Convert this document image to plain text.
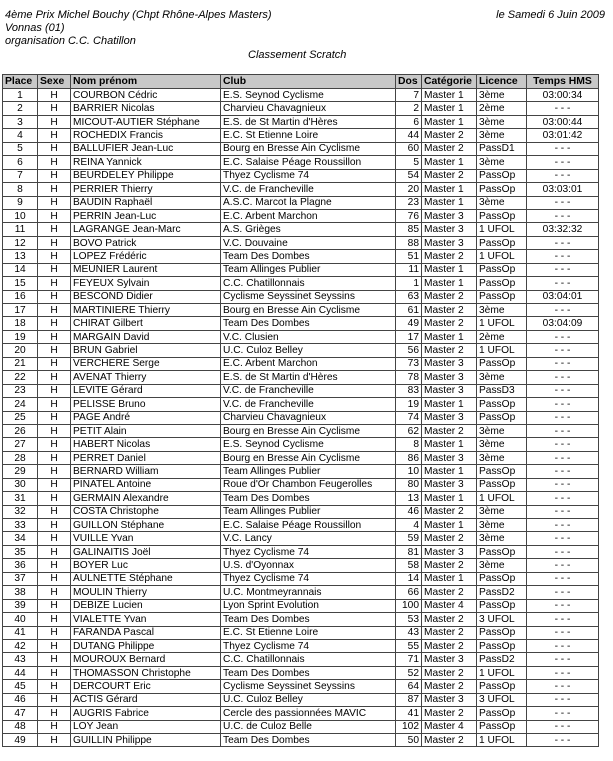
4ème Prix Michel Bouchy (Chpt Rhône-Alpes Masters)	le Samedi 6 Juin 2009
Vonnas (01)
organisation C.C. Chatillon
Classement Scratch
Place	Sexe	Nom prénom	Club	Dos	Catégorie	Licence	Temps HMS
1	H	COURBON Cédric	E.S. Seynod Cyclisme	7	Master 1	3ème	03:00:34
2	H	BARRIER Nicolas	Charvieu Chavagnieux	2	Master 1	2ème	- - -
3	H	MICOUT-AUTIER Stéphane	E.S. de St Martin d'Hères	6	Master 1	3ème	03:00:44
4	H	ROCHEDIX Francis	E.C. St Etienne Loire	44	Master 2	3ème	03:01:42
5	H	BALLUFIER Jean-Luc	Bourg en Bresse Ain Cyclisme	60	Master 2	PassD1	- - -
6	H	REINA Yannick	E.C. Salaise Péage Roussillon	5	Master 1	3ème	- - -
7	H	BEURDELEY Philippe	Thyez Cyclisme 74	54	Master 2	PassOp	- - -
8	H	PERRIER Thierry	V.C. de Francheville	20	Master 1	PassOp	03:03:01
9	H	BAUDIN Raphaël	A.S.C. Marcot la Plagne	23	Master 1	3ème	- - -
10	H	PERRIN Jean-Luc	E.C. Arbent Marchon	76	Master 3	PassOp	- - -
11	H	LAGRANGE Jean-Marc	A.S. Grièges	85	Master 3	1 UFOL	03:32:32
12	H	BOVO Patrick	V.C. Douvaine	88	Master 3	PassOp	- - -
13	H	LOPEZ Frédéric	Team Des Dombes	51	Master 2	1 UFOL	- - -
14	H	MEUNIER Laurent	Team Allinges Publier	11	Master 1	PassOp	- - -
15	H	FEYEUX Sylvain	C.C. Chatillonnais	1	Master 1	PassOp	- - -
16	H	BESCOND Didier	Cyclisme Seyssinet Seyssins	63	Master 2	PassOp	03:04:01
17	H	MARTINIERE Thierry	Bourg en Bresse Ain Cyclisme	61	Master 2	3ème	- - -
18	H	CHIRAT Gilbert	Team Des Dombes	49	Master 2	1 UFOL	03:04:09
19	H	MARGAIN David	V.C. Clusien	17	Master 1	2ème	- - -
20	H	BRUN Gabriel	U.C. Culoz Belley	56	Master 2	1 UFOL	- - -
21	H	VERCHERE Serge	E.C. Arbent Marchon	73	Master 3	PassOp	- - -
22	H	AVENAT Thierry	E.S. de St Martin d'Hères	78	Master 3	3ème	- - -
23	H	LEVITE Gérard	V.C. de Francheville	83	Master 3	PassD3	- - -
24	H	PELISSE Bruno	V.C. de Francheville	19	Master 1	PassOp	- - -
25	H	PAGE André	Charvieu Chavagnieux	74	Master 3	PassOp	- - -
26	H	PETIT Alain	Bourg en Bresse Ain Cyclisme	62	Master 2	3ème	- - -
27	H	HABERT Nicolas	E.S. Seynod Cyclisme	8	Master 1	3ème	- - -
28	H	PERRET Daniel	Bourg en Bresse Ain Cyclisme	86	Master 3	3ème	- - -
29	H	BERNARD William	Team Allinges Publier	10	Master 1	PassOp	- - -
30	H	PINATEL Antoine	Roue d'Or Chambon Feugerolles	80	Master 3	PassOp	- - -
31	H	GERMAIN Alexandre	Team Des Dombes	13	Master 1	1 UFOL	- - -
32	H	COSTA Christophe	Team Allinges Publier	46	Master 2	3ème	- - -
33	H	GUILLON Stéphane	E.C. Salaise Péage Roussillon	4	Master 1	3ème	- - -
34	H	VUILLE Yvan	V.C. Lancy	59	Master 2	3ème	- - -
35	H	GALINAITIS Joël	Thyez Cyclisme 74	81	Master 3	PassOp	- - -
36	H	BOYER Luc	U.S. d'Oyonnax	58	Master 2	3ème	- - -
37	H	AULNETTE Stéphane	Thyez Cyclisme 74	14	Master 1	PassOp	- - -
38	H	MOULIN Thierry	U.C. Montmeyrannais	66	Master 2	PassD2	- - -
39	H	DEBIZE Lucien	Lyon Sprint Evolution	100	Master 4	PassOp	- - -
40	H	VIALETTE Yvan	Team Des Dombes	53	Master 2	3 UFOL	- - -
41	H	FARANDA Pascal	E.C. St Etienne Loire	43	Master 2	PassOp	- - -
42	H	DUTANG Philippe	Thyez Cyclisme 74	55	Master 2	PassOp	- - -
43	H	MOUROUX Bernard	C.C. Chatillonnais	71	Master 3	PassD2	- - -
44	H	THOMASSON Christophe	Team Des Dombes	52	Master 2	1 UFOL	- - -
45	H	DERCOURT Eric	Cyclisme Seyssinet Seyssins	64	Master 2	PassOp	- - -
46	H	ACTIS Gérard	U.C. Culoz Belley	87	Master 3	3 UFOL	- - -
47	H	AUGRIS Fabrice	Cercle des passionnées MAVIC	41	Master 2	PassOp	- - -
48	H	LOY Jean	U.C. de Culoz Belle	102	Master 4	PassOp	- - -
49	H	GUILLIN Philippe	Team Des Dombes	50	Master 2	1 UFOL	- - -
